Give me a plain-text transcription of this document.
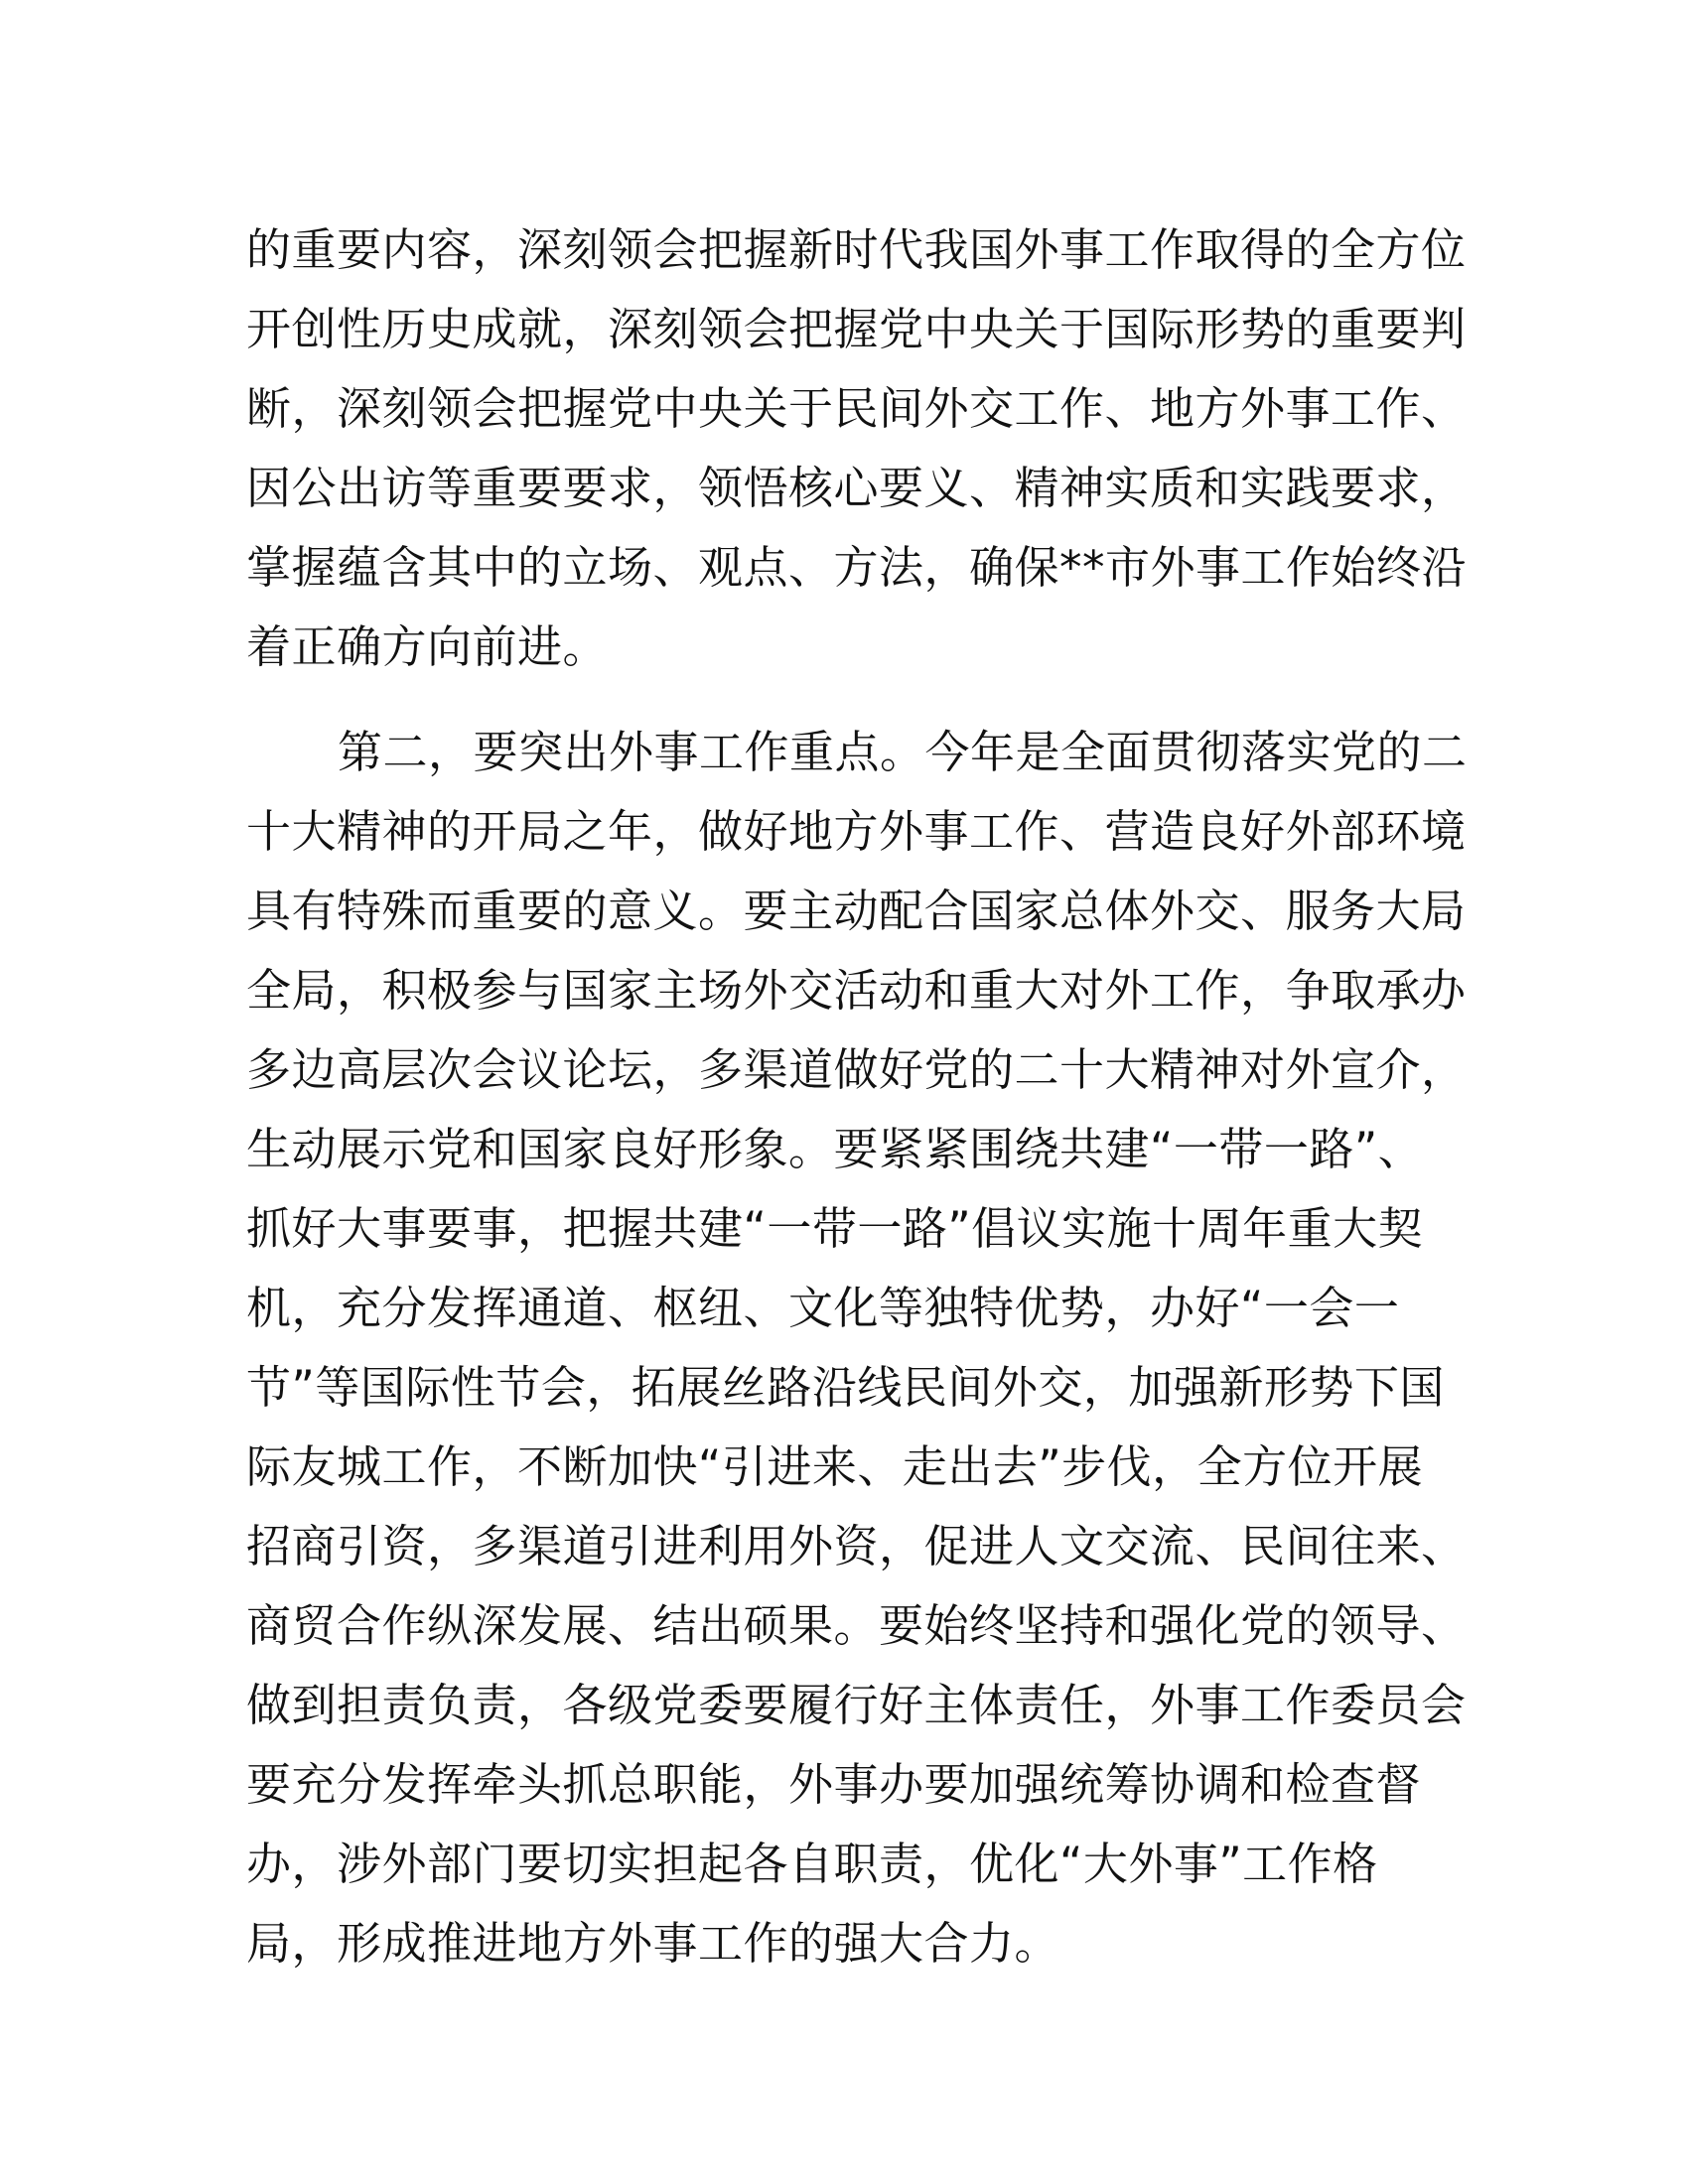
的重要内容，深刻领会把握新时代我国外事工作取得的全方位
开创性历史成就，深刻领会把握党中央关于国际形势的重要判
断，深刻领会把握党中央关于民间外交工作、地方外事工作、
因公出访等重要要求，领悟核心要义、精神实质和实践要求，
掌握蕴含其中的立场、观点、方法，确保**市外事工作始终沿
着正确方向前进。
第二，要突出外事工作重点。今年是全面贯彻落实党的二
十大精神的开局之年，做好地方外事工作、营造良好外部环境
具有特殊而重要的意义。要主动配合国家总体外交、服务大局
全局，积极参与国家主场外交活动和重大对外工作，争取承办
多边高层次会议论坛，多渠道做好党的二十大精神对外宣介，
生动展示党和国家良好形象。要紧紧围绕共建“一带一路”、
抓好大事要事，把握共建“一带一路”倡议实施十周年重大契
机，充分发挥通道、枢纽、文化等独特优势，办好“一会一
节”等国际性节会，拓展丝路沿线民间外交，加强新形势下国
际友城工作，不断加快“引进来、走出去”步伐，全方位开展
招商引资，多渠道引进利用外资，促进人文交流、民间往来、
商贸合作纵深发展、结出硕果。要始终坚持和强化党的领导、
做到担责负责，各级党委要履行好主体责任，外事工作委员会
要充分发挥牵头抓总职能，外事办要加强统筹协调和检查督
办，涉外部门要切实担起各自职责，优化“大外事”工作格
局，形成推进地方外事工作的强大合力。
